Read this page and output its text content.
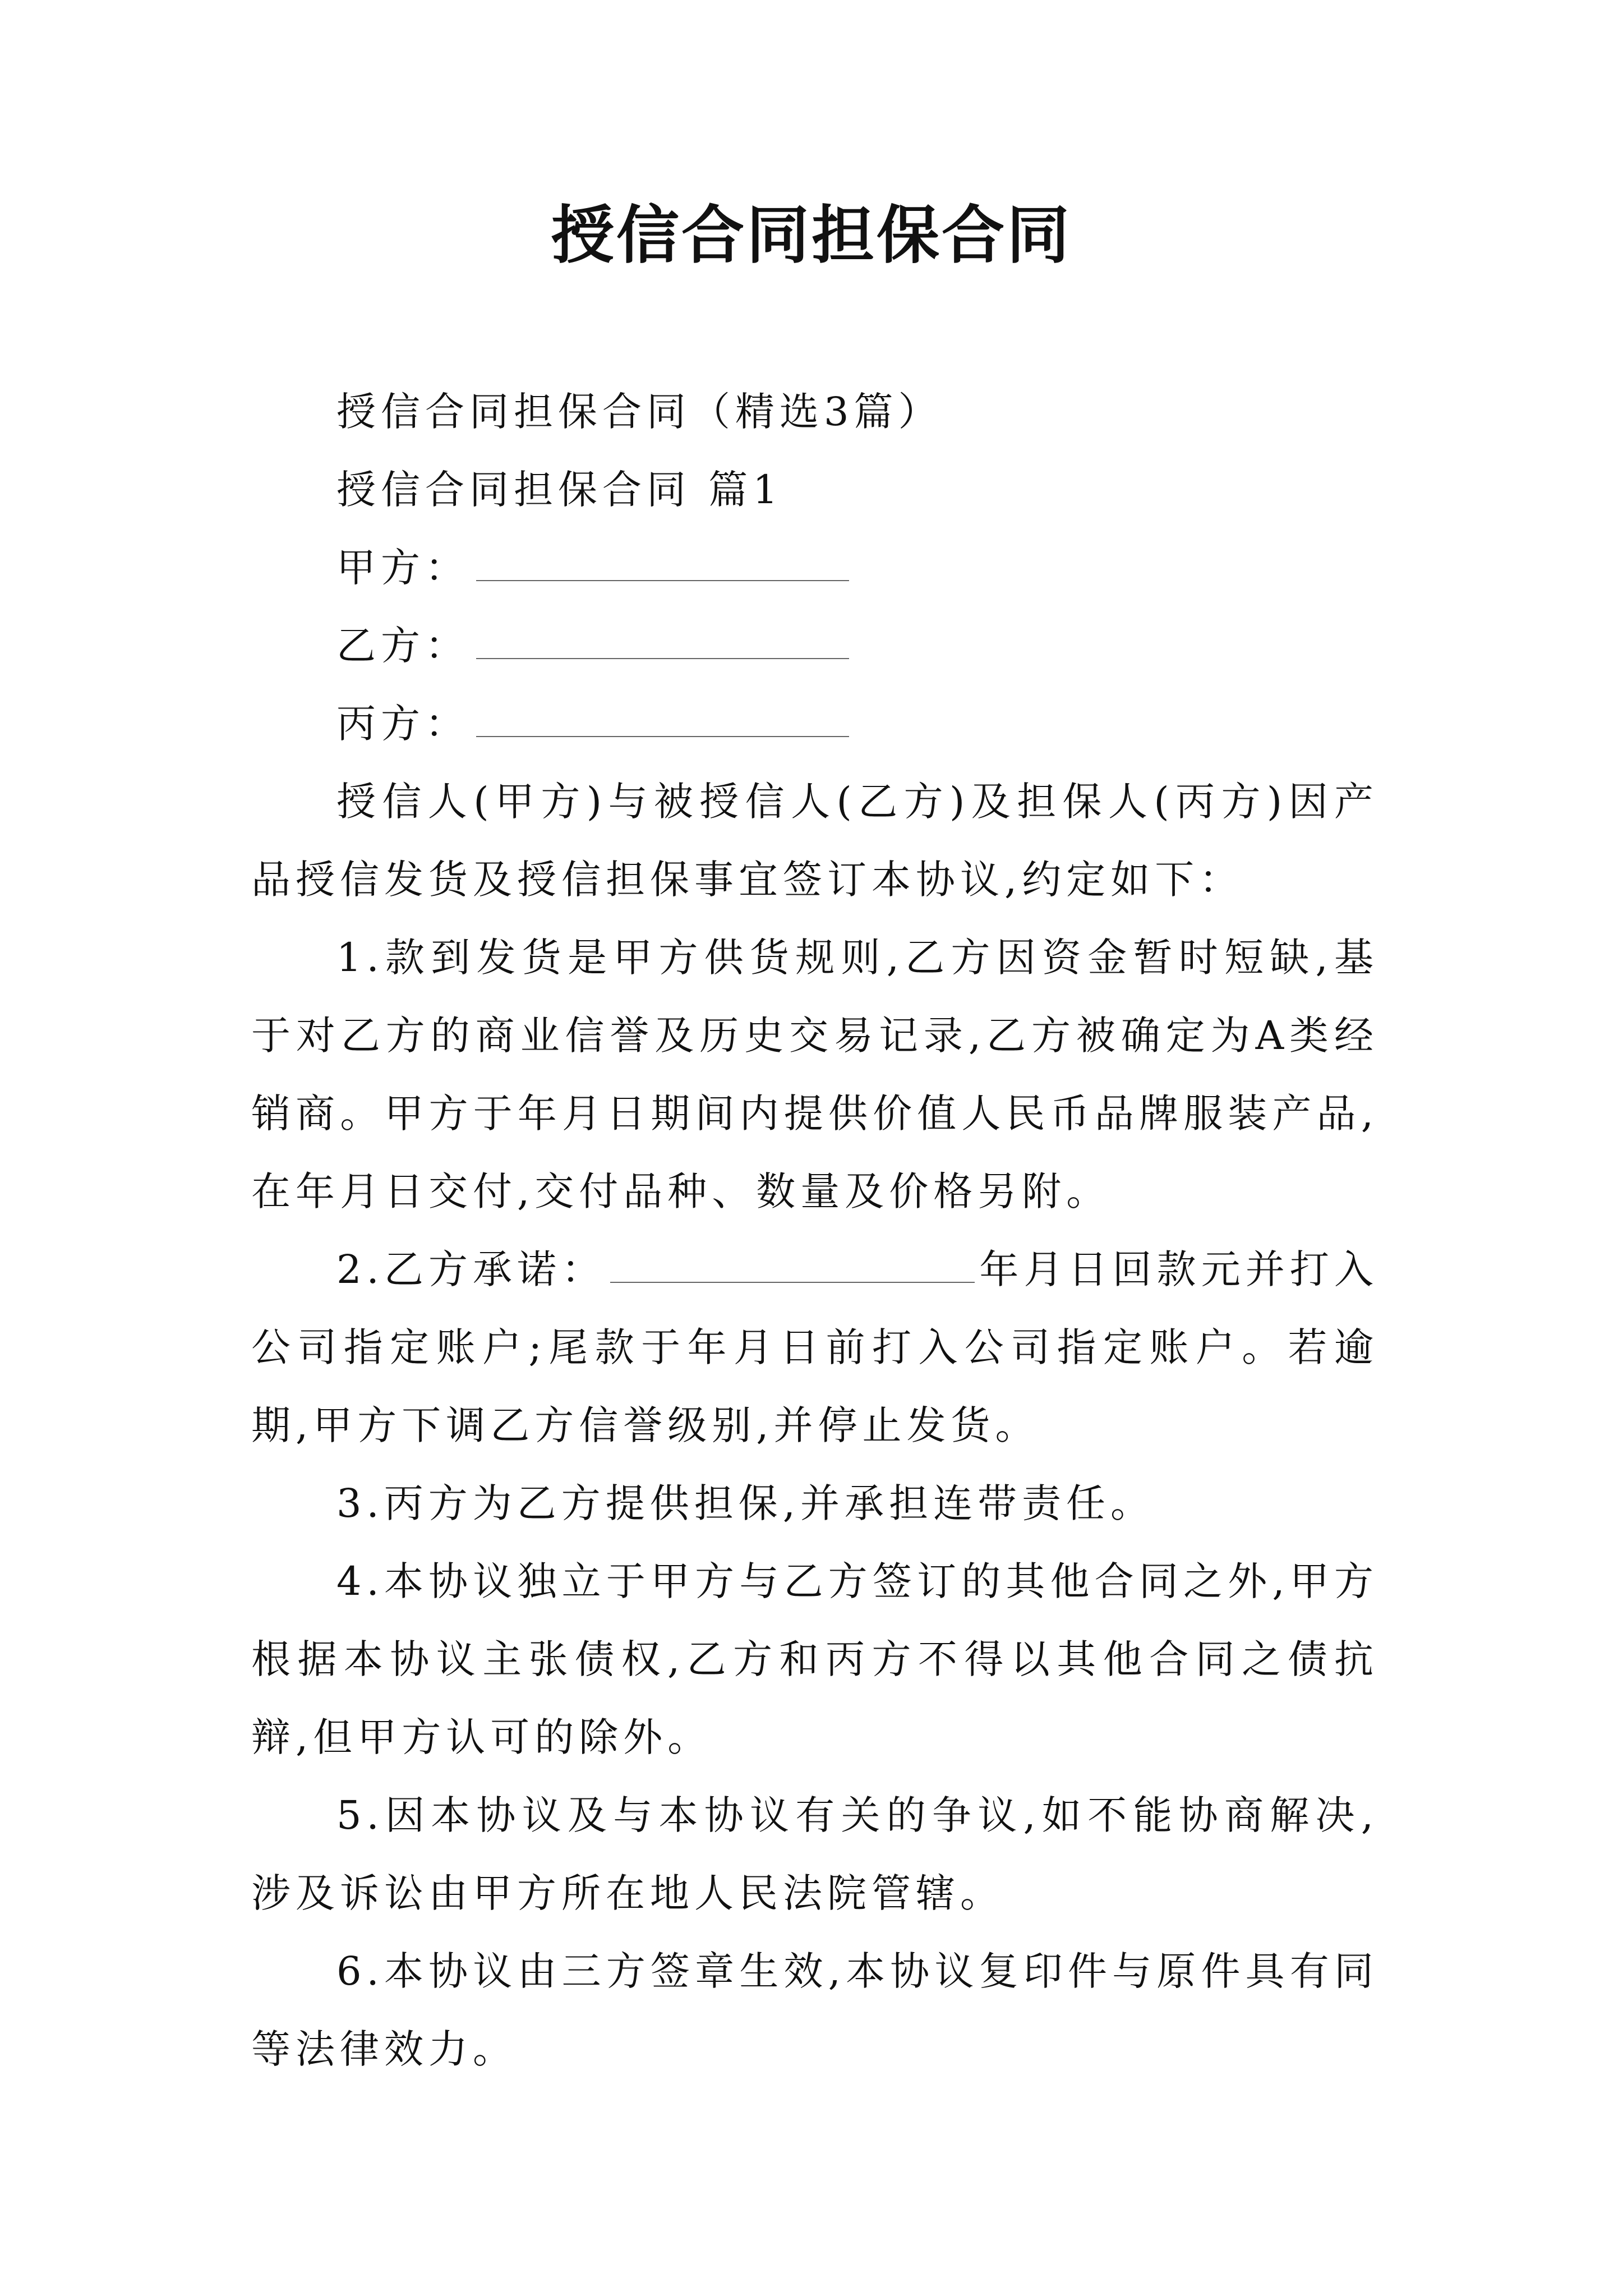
授信合同担保合同

授信合同担保合同（精选3篇）

授信合同担保合同 篇1

甲方：

乙方：

丙方：

授信人(甲方)与被授信人(乙方)及担保人(丙方)因产品授信发货及授信担保事宜签订本协议,约定如下：

1.款到发货是甲方供货规则,乙方因资金暂时短缺,基于对乙方的商业信誉及历史交易记录,乙方被确定为A类经销商。甲方于年月日期间内提供价值人民币品牌服装产品,在年月日交付,交付品种、数量及价格另附。

2.乙方承诺：	年月日回款元并打入公司指定账户;尾款于年月日前打入公司指定账户。若逾期,甲方下调乙方信誉级别,并停止发货。

3.丙方为乙方提供担保,并承担连带责任。

4.本协议独立于甲方与乙方签订的其他合同之外,甲方根据本协议主张债权,乙方和丙方不得以其他合同之债抗辩,但甲方认可的除外。

5.因本协议及与本协议有关的争议,如不能协商解决,涉及诉讼由甲方所在地人民法院管辖。

6.本协议由三方签章生效,本协议复印件与原件具有同等法律效力。
